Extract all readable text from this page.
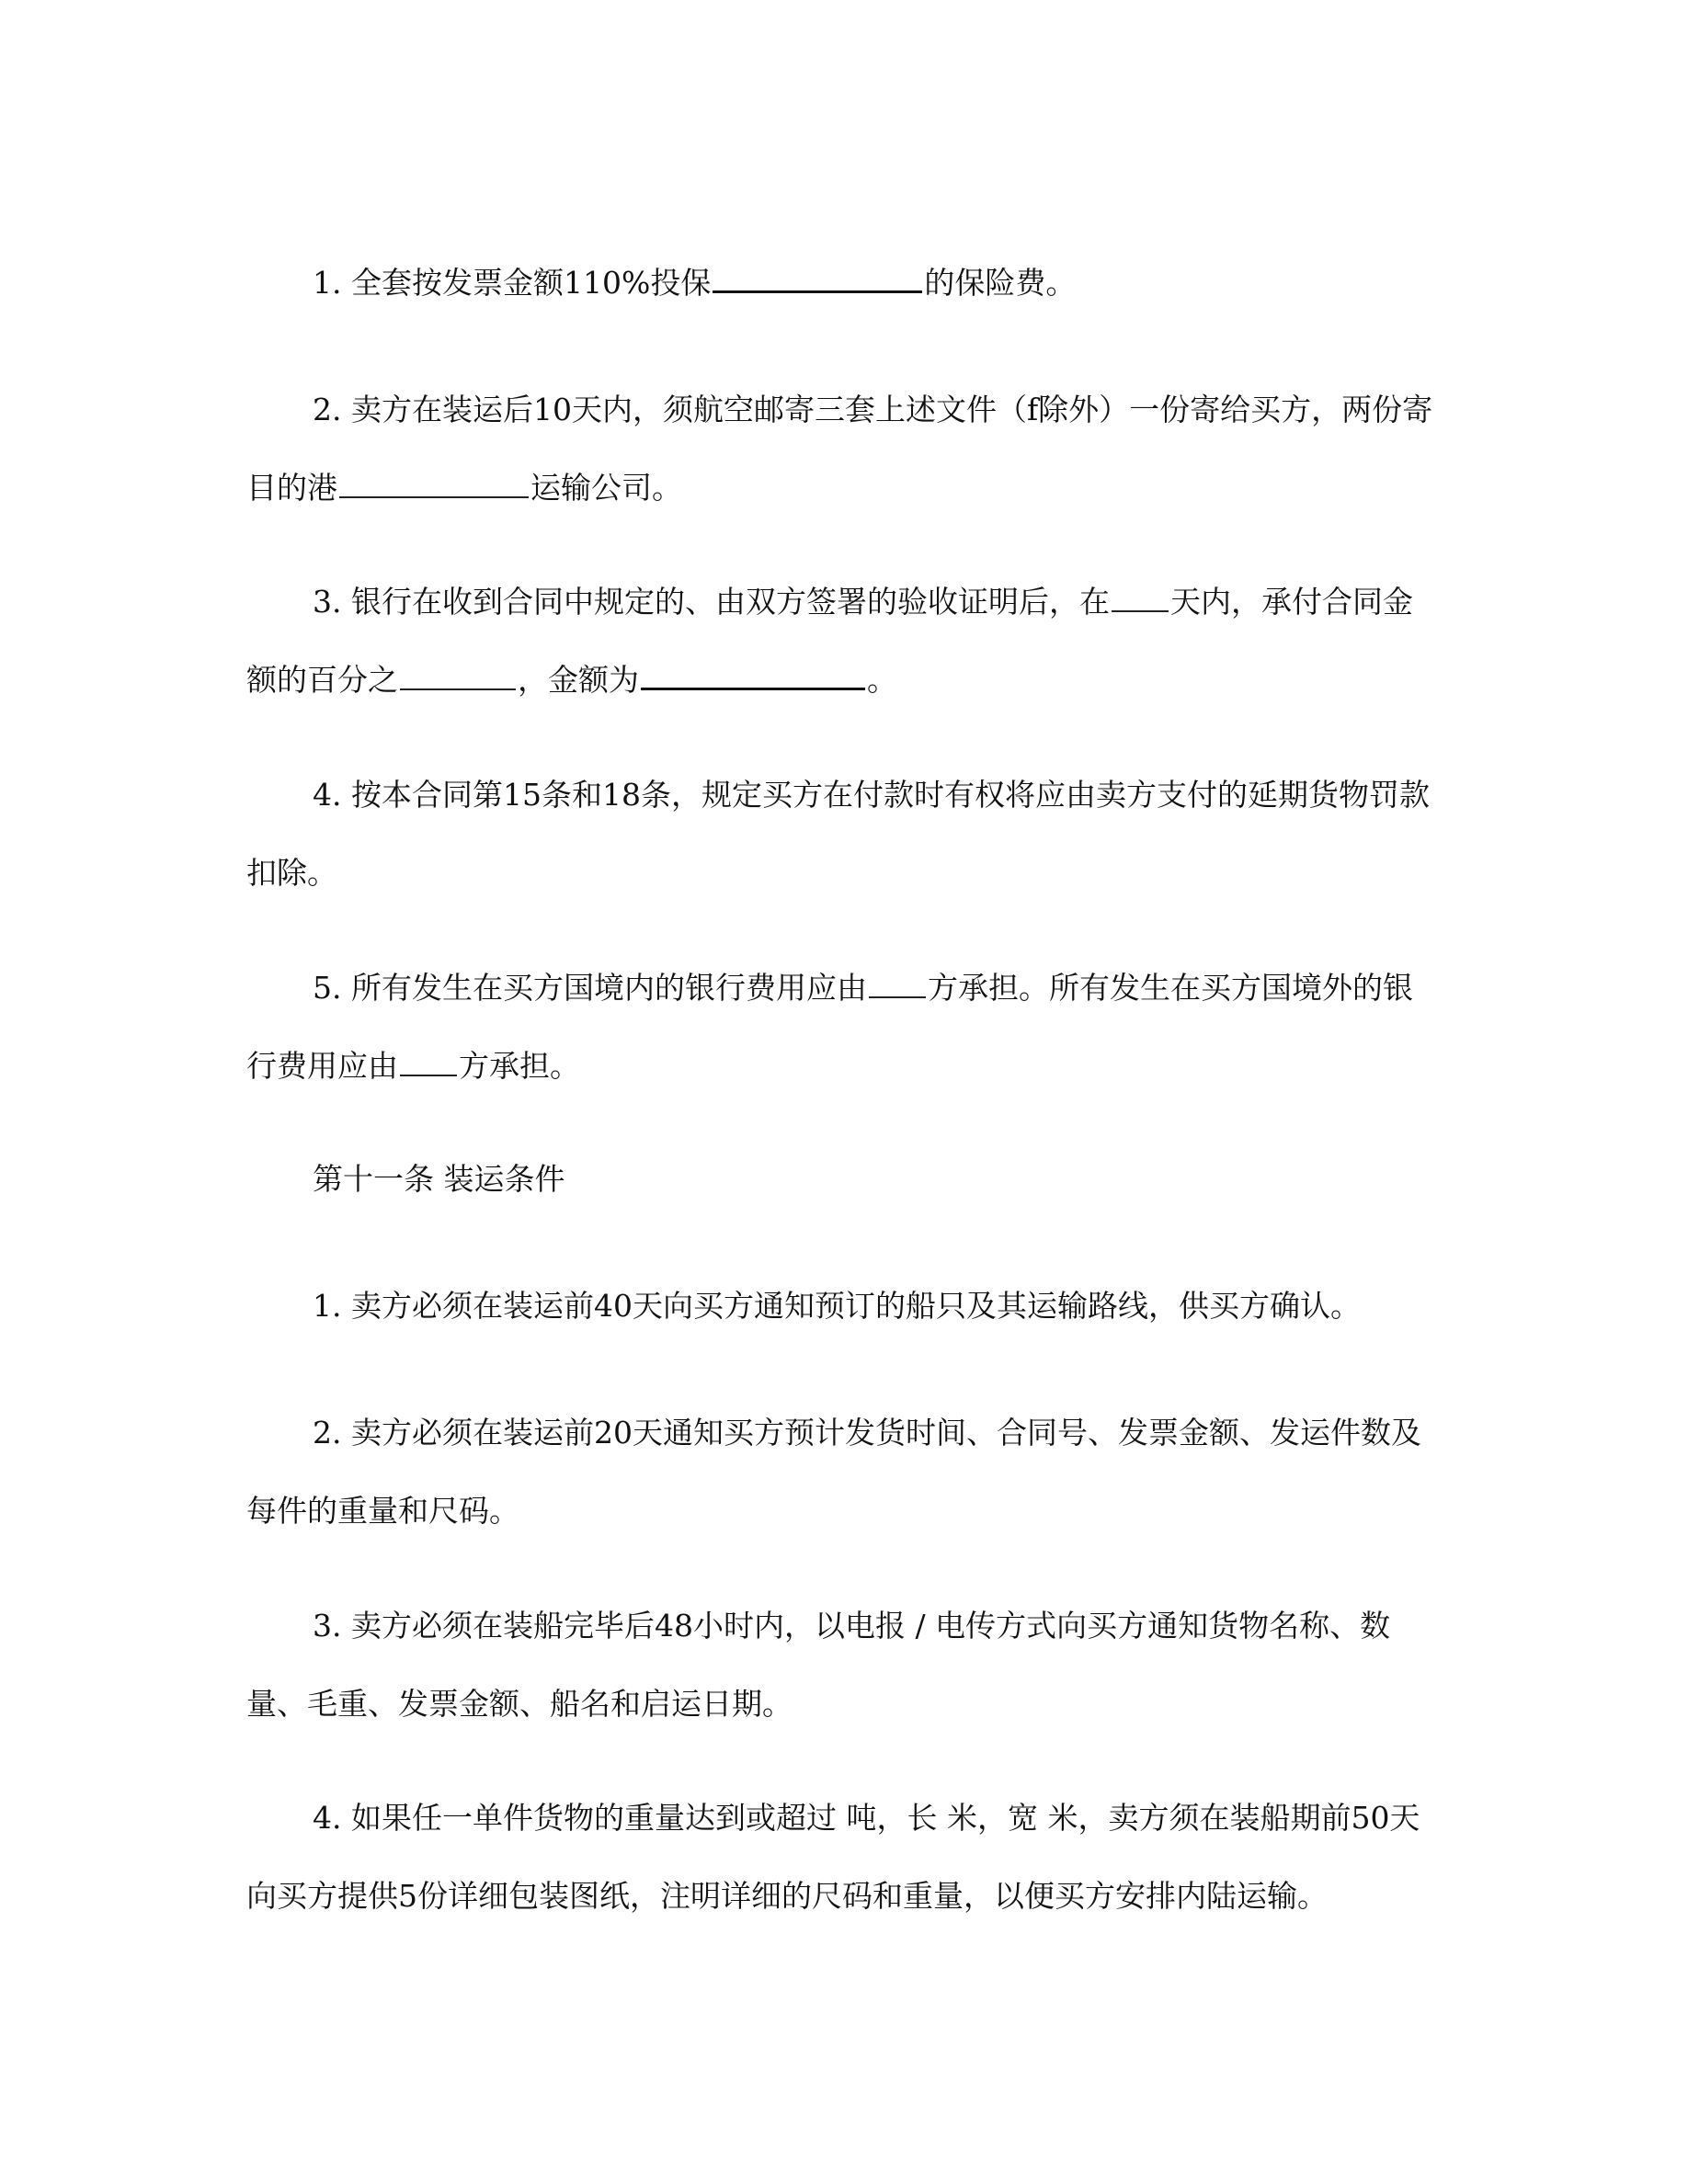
1. 全套按发票金额110%投保	的保险费。

2. 卖方在装运后10天内，须航空邮寄三套上述文件（f除外）一份寄给买方，两份寄目的港	运输公司。

3. 银行在收到合同中规定的、由双方签署的验收证明后，在 天内，承付合同金额的百分之	，金额为	。

4. 按本合同第15条和18条，规定买方在付款时有权将应由卖方支付的延期货物罚款扣除。

5. 所有发生在买方国境内的银行费用应由 方承担。所有发生在买方国境外的银行费用应由 方承担。

第十一条 装运条件

1. 卖方必须在装运前40天向买方通知预订的船只及其运输路线，供买方确认。

2. 卖方必须在装运前20天通知买方预计发货时间、合同号、发票金额、发运件数及每件的重量和尺码。

3. 卖方必须在装船完毕后48小时内，以电报 / 电传方式向买方通知货物名称、数量、毛重、发票金额、船名和启运日期。

4. 如果任一单件货物的重量达到或超过 吨，长 米，宽 米，卖方须在装船期前50天向买方提供5份详细包装图纸，注明详细的尺码和重量，以便买方安排内陆运输。
